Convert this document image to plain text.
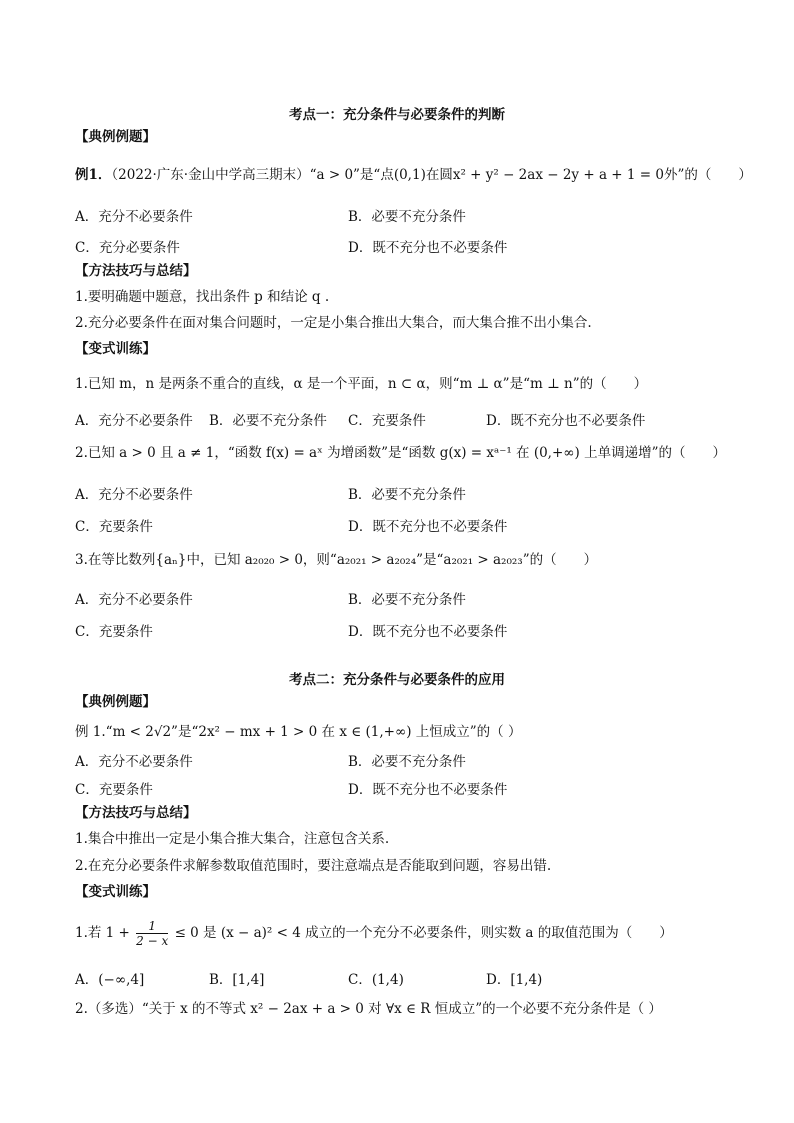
考点一：充分条件与必要条件的判断
【典例例题】
例1．（2022·广东·金山中学高三期末）“a > 0”是“点(0,1)在圆x² + y² − 2ax − 2y + a + 1 = 0外”的（　　）
A．充分不必要条件	B．必要不充分条件
C．充分必要条件	D．既不充分也不必要条件
【方法技巧与总结】
1.要明确题中题意，找出条件 p 和结论 q .
2.充分必要条件在面对集合问题时，一定是小集合推出大集合，而大集合推不出小集合.
【变式训练】
1.已知 m，n 是两条不重合的直线，α 是一个平面，n ⊂ α，则“m ⊥ α”是“m ⊥ n”的（　　）
A．充分不必要条件 B．必要不充分条件 C．充要条件	D．既不充分也不必要条件
2.已知 a > 0 且 a ≠ 1，“函数 f(x) = aˣ 为增函数”是“函数 g(x) = xᵃ⁻¹ 在 (0,+∞) 上单调递增”的（　　）
A．充分不必要条件	B．必要不充分条件
C．充要条件	D．既不充分也不必要条件
3.在等比数列{aₙ}中，已知 a₂₀₂₀ > 0，则“a₂₀₂₁ > a₂₀₂₄”是“a₂₀₂₁ > a₂₀₂₃”的（　　）
A．充分不必要条件	B．必要不充分条件
C．充要条件	D．既不充分也不必要条件
考点二：充分条件与必要条件的应用
【典例例题】
例 1.“m < 2√2”是“2x² − mx + 1 > 0 在 x ∈ (1,+∞) 上恒成立”的（ ）
A．充分不必要条件	B．必要不充分条件
C．充要条件	D．既不充分也不必要条件
【方法技巧与总结】
1.集合中推出一定是小集合推大集合，注意包含关系.
2.在充分必要条件求解参数取值范围时，要注意端点是否能取到问题，容易出错.
【变式训练】
1.若 $1 + \frac{1}{2 - x} \le 0$ 是 (x − a)² < 4 成立的一个充分不必要条件，则实数 a 的取值范围为（　　）
A．(−∞,4]	B．[1,4]	C．(1,4)	D．[1,4)
2.（多选）“关于 x 的不等式 x² − 2ax + a > 0 对 ∀x ∈ R 恒成立”的一个必要不充分条件是（ ）
